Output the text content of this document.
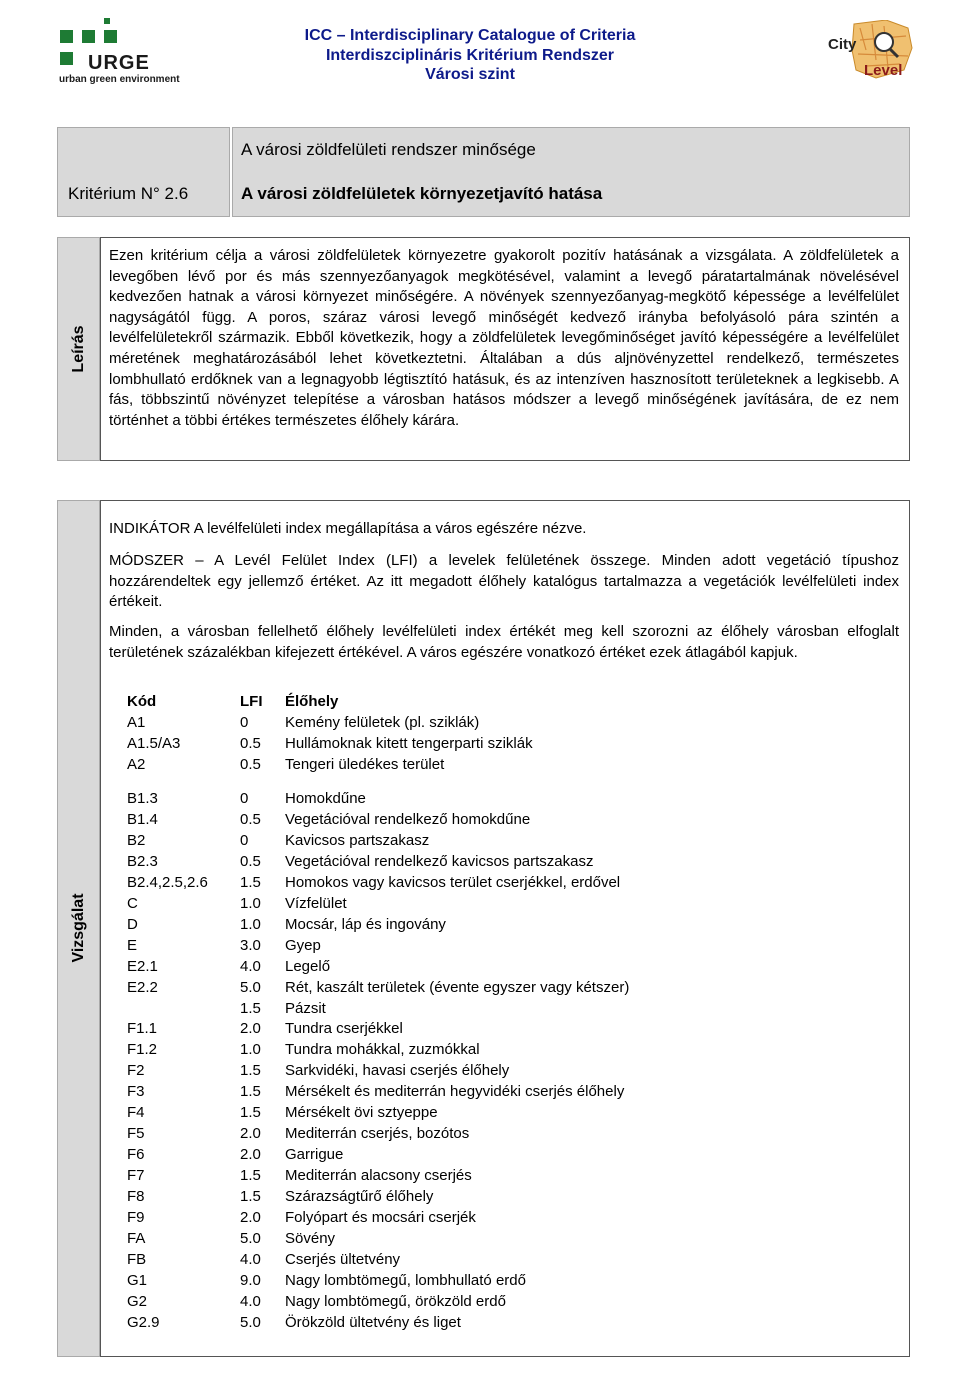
URGE
urban green environment
ICC – Interdisciplinary Catalogue of Criteria
Interdiszciplináris Kritérium Rendszer
Városi szint
City
Level
Kritérium N° 2.6
A városi zöldfelületi rendszer minősége
A városi zöldfelületek környezetjavító hatása
Leírás
Ezen kritérium célja a városi zöldfelületek környezetre gyakorolt pozitív hatásának a vizsgálata. A zöldfelületek a levegőben lévő por és más szennyezőanyagok megkötésével, valamint a levegő páratartalmának növelésével kedvezően hatnak a városi környezet minőségére. A növények szennyezőanyag-megkötő képessége a levélfelület nagyságától függ. A poros, száraz városi levegő minőségét kedvező irányba befolyásoló pára szintén a levélfelületekről származik. Ebből következik, hogy a zöldfelületek levegőminőséget javító képességére a levélfelület méretének meghatározásából lehet következtetni. Általában a dús aljnövényzettel rendelkező, természetes lombhullató erdőknek van a legnagyobb légtisztító hatásuk, és az intenzíven hasznosított területeknek a legkisebb. A fás, többszintű növényzet telepítése a városban hatásos módszer a levegő minőségének javítására, de ez nem történhet a többi értékes természetes élőhely kárára.
Vizsgálat
INDIKÁTOR A levélfelületi index megállapítása a város egészére nézve.
MÓDSZER – A Levél Felület Index (LFI) a levelek felületének összege. Minden adott vegetáció típushoz hozzárendeltek egy jellemző értéket. Az itt megadott élőhely katalógus tartalmazza a vegetációk levélfelületi index értékeit.
Minden, a városban fellelhető élőhely levélfelületi index értékét meg kell szorozni az élőhely városban elfoglalt területének százalékban kifejezett értékével. A város egészére vonatkozó értéket ezek átlagából kapjuk.
Kód	LFI Élőhely
A1	0 Kemény felületek (pl. sziklák)
A1.5/A3	0.5 Hullámoknak kitett tengerparti sziklák
A2	0.5 Tengeri üledékes terület
B1.3	0 Homokdűne
B1.4	0.5 Vegetációval rendelkező homokdűne
B2	0 Kavicsos partszakasz
B2.3	0.5 Vegetációval rendelkező kavicsos partszakasz
B2.4,2.5,2.6 1.5 Homokos vagy kavicsos terület cserjékkel, erdővel
C	1.0 Vízfelület
D	1.0 Mocsár, láp és ingovány
E	3.0 Gyep
E2.1	4.0 Legelő
E2.2	5.0 Rét, kaszált területek (évente egyszer vagy kétszer)
1.5 Pázsit
F1.1	2.0 Tundra cserjékkel
F1.2	1.0 Tundra mohákkal, zuzmókkal
F2	1.5 Sarkvidéki, havasi cserjés élőhely
F3	1.5 Mérsékelt és mediterrán hegyvidéki cserjés élőhely
F4	1.5 Mérsékelt övi sztyeppe
F5	2.0 Mediterrán cserjés, bozótos
F6	2.0 Garrigue
F7	1.5 Mediterrán alacsony cserjés
F8	1.5 Szárazságtűrő élőhely
F9	2.0 Folyópart és mocsári cserjék
FA	5.0 Sövény
FB	4.0 Cserjés ültetvény
G1	9.0 Nagy lombtömegű, lombhullató erdő
G2	4.0 Nagy lombtömegű, örökzöld erdő
G2.9	5.0 Örökzöld ültetvény és liget
